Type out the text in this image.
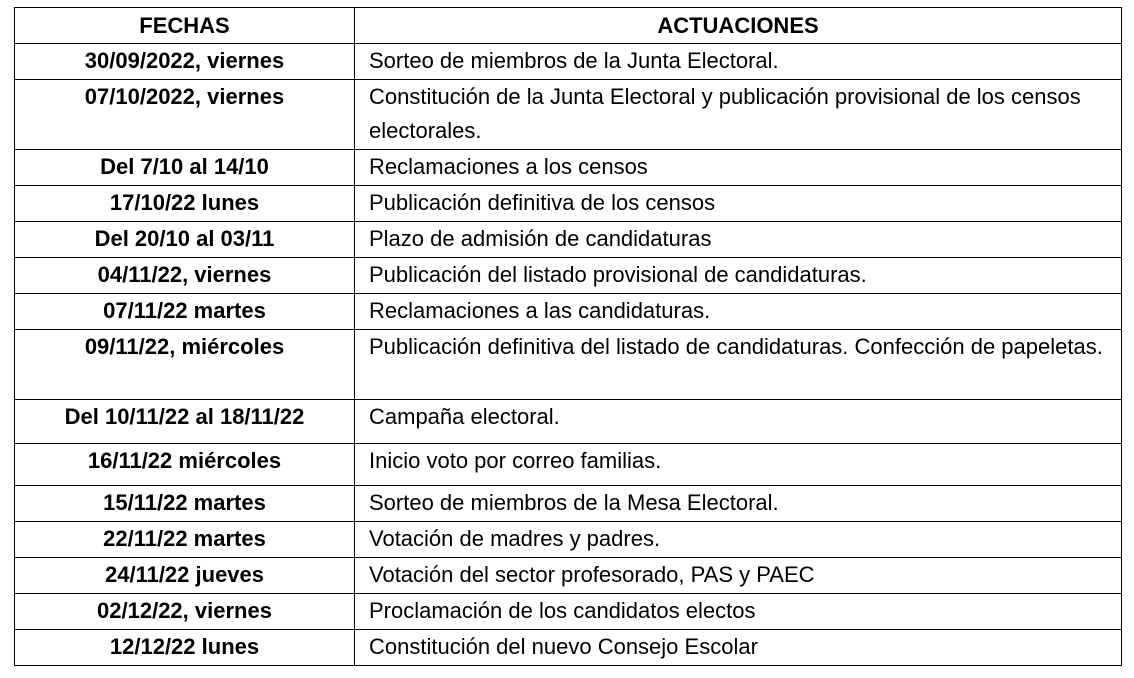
FECHAS	ACTUACIONES
30/09/2022, viernes	Sorteo de miembros de la Junta Electoral.
07/10/2022, viernes	Constitución de la Junta Electoral y publicación provisional de los censos electorales.
Del 7/10 al 14/10	Reclamaciones a los censos
17/10/22 lunes	Publicación definitiva de los censos
Del 20/10 al 03/11	Plazo de admisión de candidaturas
04/11/22, viernes	Publicación del listado provisional de candidaturas.
07/11/22 martes	Reclamaciones a las candidaturas.
09/11/22, miércoles	Publicación definitiva del listado de candidaturas. Confección de papeletas.
Del 10/11/22 al 18/11/22	Campaña electoral.
16/11/22 miércoles	Inicio voto por correo familias.
15/11/22 martes	Sorteo de miembros de la Mesa Electoral.
22/11/22 martes	Votación de madres y padres.
24/11/22 jueves	Votación del sector profesorado, PAS y PAEC
02/12/22, viernes	Proclamación de los candidatos electos
12/12/22 lunes	Constitución del nuevo Consejo Escolar
